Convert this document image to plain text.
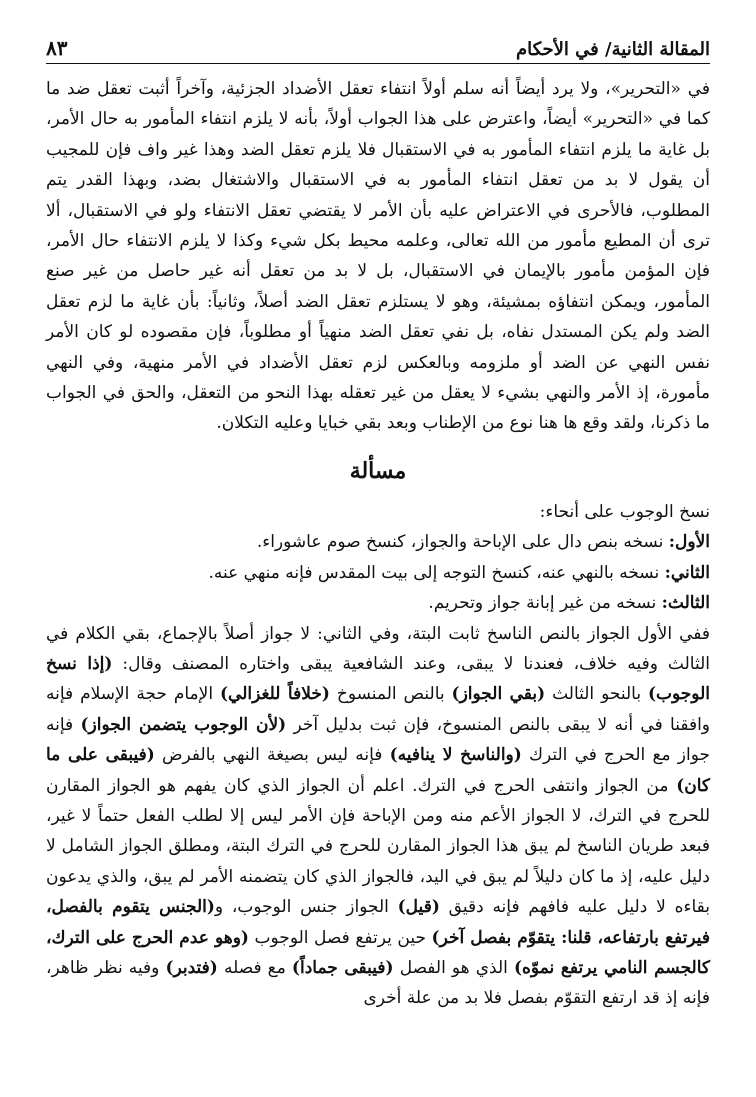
المقالة الثانية/ في الأحكام
٨٣

في «التحرير»، ولا يرد أيضاً أنه سلم أولاً انتفاء تعقل الأضداد الجزئية، وآخراً أثبت تعقل ضد ما كما في «التحرير» أيضاً، واعترض على هذا الجواب أولاً، بأنه لا يلزم انتفاء المأمور به حال الأمر، بل غاية ما يلزم انتفاء المأمور به في الاستقبال فلا يلزم تعقل الضد وهذا غير واف فإن للمجيب أن يقول لا بد من تعقل انتفاء المأمور به في الاستقبال والاشتغال بضد، وبهذا القدر يتم المطلوب، فالأحرى في الاعتراض عليه بأن الأمر لا يقتضي تعقل الانتفاء ولو في الاستقبال، ألا ترى أن المطيع مأمور من الله تعالى، وعلمه محيط بكل شيء وكذا لا يلزم الانتفاء حال الأمر، فإن المؤمن مأمور بالإيمان في الاستقبال، بل لا بد من تعقل أنه غير حاصل من غير صنع المأمور، ويمكن انتفاؤه بمشيئة، وهو لا يستلزم تعقل الضد أصلاً، وثانياً: بأن غاية ما لزم تعقل الضد ولم يكن المستدل نفاه، بل نفي تعقل الضد منهياً أو مطلوباً، فإن مقصوده لو كان الأمر نفس النهي عن الضد أو ملزومه وبالعكس لزم تعقل الأضداد في الأمر منهية، وفي النهي مأمورة، إذ الأمر والنهي بشيء لا يعقل من غير تعقله بهذا النحو من التعقل، والحق في الجواب ما ذكرنا، ولقد وقع ها هنا نوع من الإطناب وبعد بقي خبايا وعليه التكلان.

مسألة
نسخ الوجوب على أنحاء:
الأول: نسخه بنص دال على الإباحة والجواز، كنسخ صوم عاشوراء.
الثاني: نسخه بالنهي عنه، كنسخ التوجه إلى بيت المقدس فإنه منهي عنه.
الثالث: نسخه من غير إبانة جواز وتحريم.

ففي الأول الجواز بالنص الناسخ ثابت البتة، وفي الثاني: لا جواز أصلاً بالإجماع، بقي الكلام في الثالث وفيه خلاف، فعندنا لا يبقى، وعند الشافعية يبقى واختاره المصنف وقال: (إذا نسخ الوجوب) بالنحو الثالث (بقي الجواز) بالنص المنسوخ (خلافاً للغزالي) الإمام حجة الإسلام فإنه وافقنا في أنه لا يبقى بالنص المنسوخ، فإن ثبت بدليل آخر (لأن الوجوب يتضمن الجواز) فإنه جواز مع الحرج في الترك (والناسخ لا ينافيه) فإنه ليس بصيغة النهي بالفرض (فيبقى على ما كان) من الجواز وانتفى الحرج في الترك. اعلم أن الجواز الذي كان يفهم هو الجواز المقارن للحرج في الترك، لا الجواز الأعم منه ومن الإباحة فإن الأمر ليس إلا لطلب الفعل حتماً لا غير، فبعد طريان الناسخ لم يبق هذا الجواز المقارن للحرج في الترك البتة، ومطلق الجواز الشامل لا دليل عليه، إذ ما كان دليلاً لم يبق في اليد، فالجواز الذي كان يتضمنه الأمر لم يبق، والذي يدعون بقاءه لا دليل عليه فافهم فإنه دقيق (قيل) الجواز جنس الوجوب، و(الجنس يتقوم بالفصل، فيرتفع بارتفاعه، قلنا: يتقوّم بفصل آخر) حين يرتفع فصل الوجوب (وهو عدم الحرج على الترك، كالجسم النامي يرتفع نموّه) الذي هو الفصل (فيبقى جماداً) مع فصله (فتدبر) وفيه نظر ظاهر، فإنه إذ قد ارتفع التقوّم بفصل فلا بد من علة أخرى
